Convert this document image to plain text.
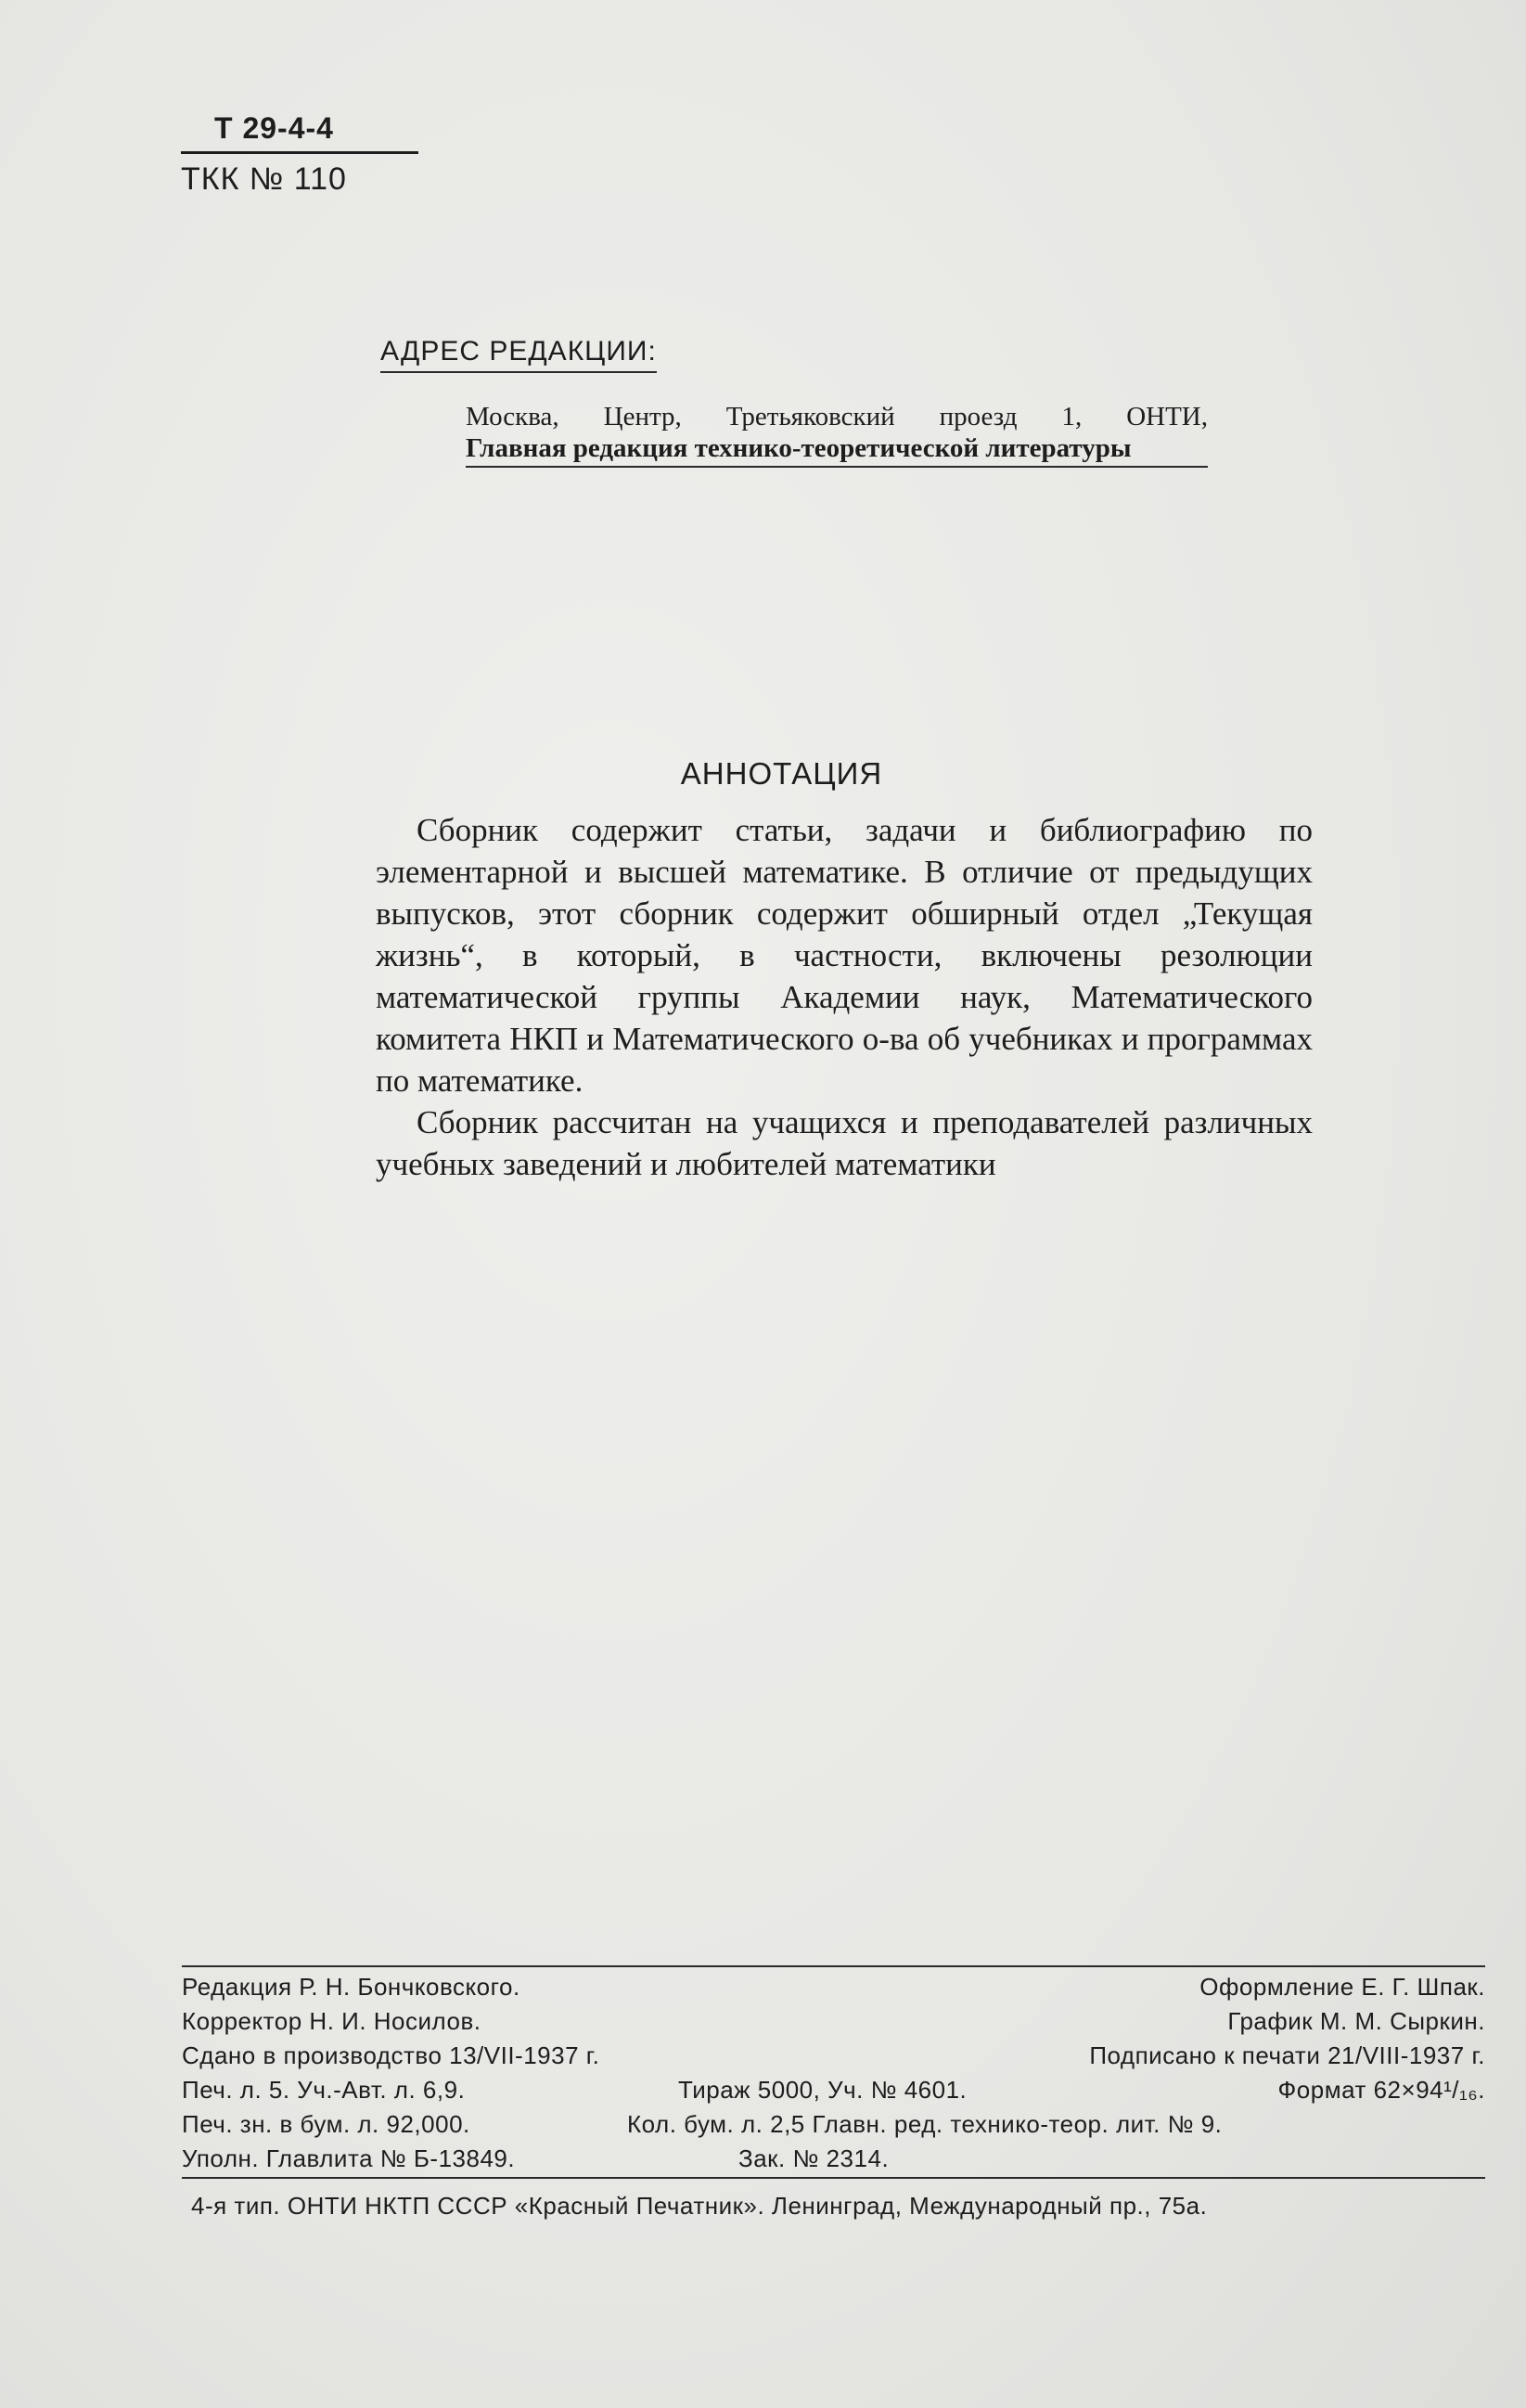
Т 29-4-4
ТКК № 110
АДРЕС РЕДАКЦИИ:
Москва, Центр, Третьяковский проезд 1, ОНТИ,
Главная редакция технико-теоретической литературы
АННОТАЦИЯ

Сборник содержит статьи, задачи и библиографию по элементарной и высшей математике. В отличие от предыдущих выпусков, этот сборник содержит обширный отдел „Текущая жизнь“, в который, в частности, включены резолюции математической группы Академии наук, Математического комитета НКП и Математического о-ва об учебниках и программах по математике.

Сборник рассчитан на учащихся и преподавателей различных учебных заведений и любителей математики

Редакция Р. Н. Бончковского.	Оформление Е. Г. Шпак.
Корректор Н. И. Носилов.	График М. М. Сыркин.
Сдано в производство 13/VII-1937 г.	Подписано к печати 21/VIII-1937 г.
Печ. л. 5. Уч.-Авт. л. 6,9.	Тираж 5000, Уч. № 4601.	Формат 62×94¹/₁₆.
Печ. зн. в бум. л. 92,000.	Кол. бум. л. 2,5 Главн. ред. технико-теор. лит. № 9.
Уполн. Главлита № Б-13849.	Зак. № 2314.
4-я тип. ОНТИ НКТП СССР «Красный Печатник». Ленинград, Международный пр., 75а.
